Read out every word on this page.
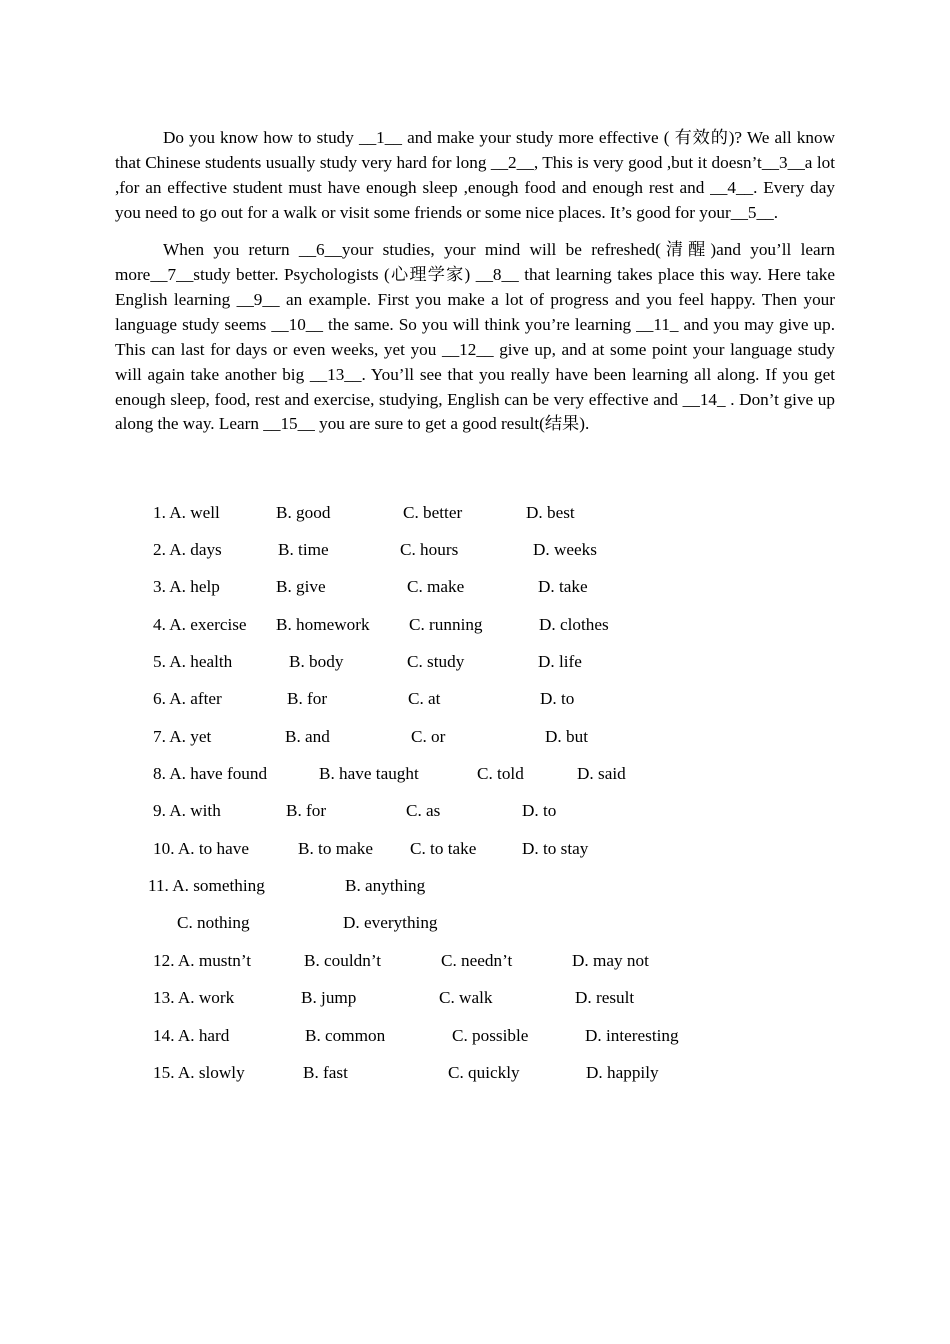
Do you know how to study __1__ and make your study more effective ( 有效的)? We all know that Chinese students usually study very hard for long __2__, This is very good ,but it doesn’t__3__a lot ,for an effective student must have enough sleep ,enough food and enough rest and __4__. Every day you need to go out for a walk or visit some friends or some nice places. It’s good for your__5__.

When you return __6__your studies, your mind will be refreshed(清醒)and you’ll learn more__7__study better. Psychologists (心理学家) __8__ that learning takes place this way. Here take English learning __9__ an example. First you make a lot of progress and you feel happy. Then your language study seems __10__ the same. So you will think you’re learning __11_ and you may give up. This can last for days or even weeks, yet you __12__ give up, and at some point your language study will again take another big __13__. You’ll see that you really have been learning all along. If you get enough sleep, food, rest and exercise, studying, English can be very effective and __14_ . Don’t give up along the way. Learn __15__ you are sure to get a good result(结果).

1. A. well	B. good	C. better	D. best
2. A. days	B. time	C. hours	D. weeks
3. A. help	B. give	C. make	D. take
4. A. exercise B. homework C. running	D. clothes
5. A. health	B. body	C. study	D. life
6. A. after	B. for	C. at	D. to
7. A. yet	B. and	C. or	D. but
8. A. have found	B. have taught	C. told	D. said
9. A. with	B. for	C. as	D. to
10. A. to have	B. to make C. to take	D. to stay
11. A. something	B. anything
C. nothing	D. everything
12. A. mustn’t	B. couldn’t	C. needn’t	D. may not
13. A. work	B. jump	C. walk	D. result
14. A. hard	B. common	C. possible	D. interesting
15. A. slowly	B. fast	C. quickly	D. happily
